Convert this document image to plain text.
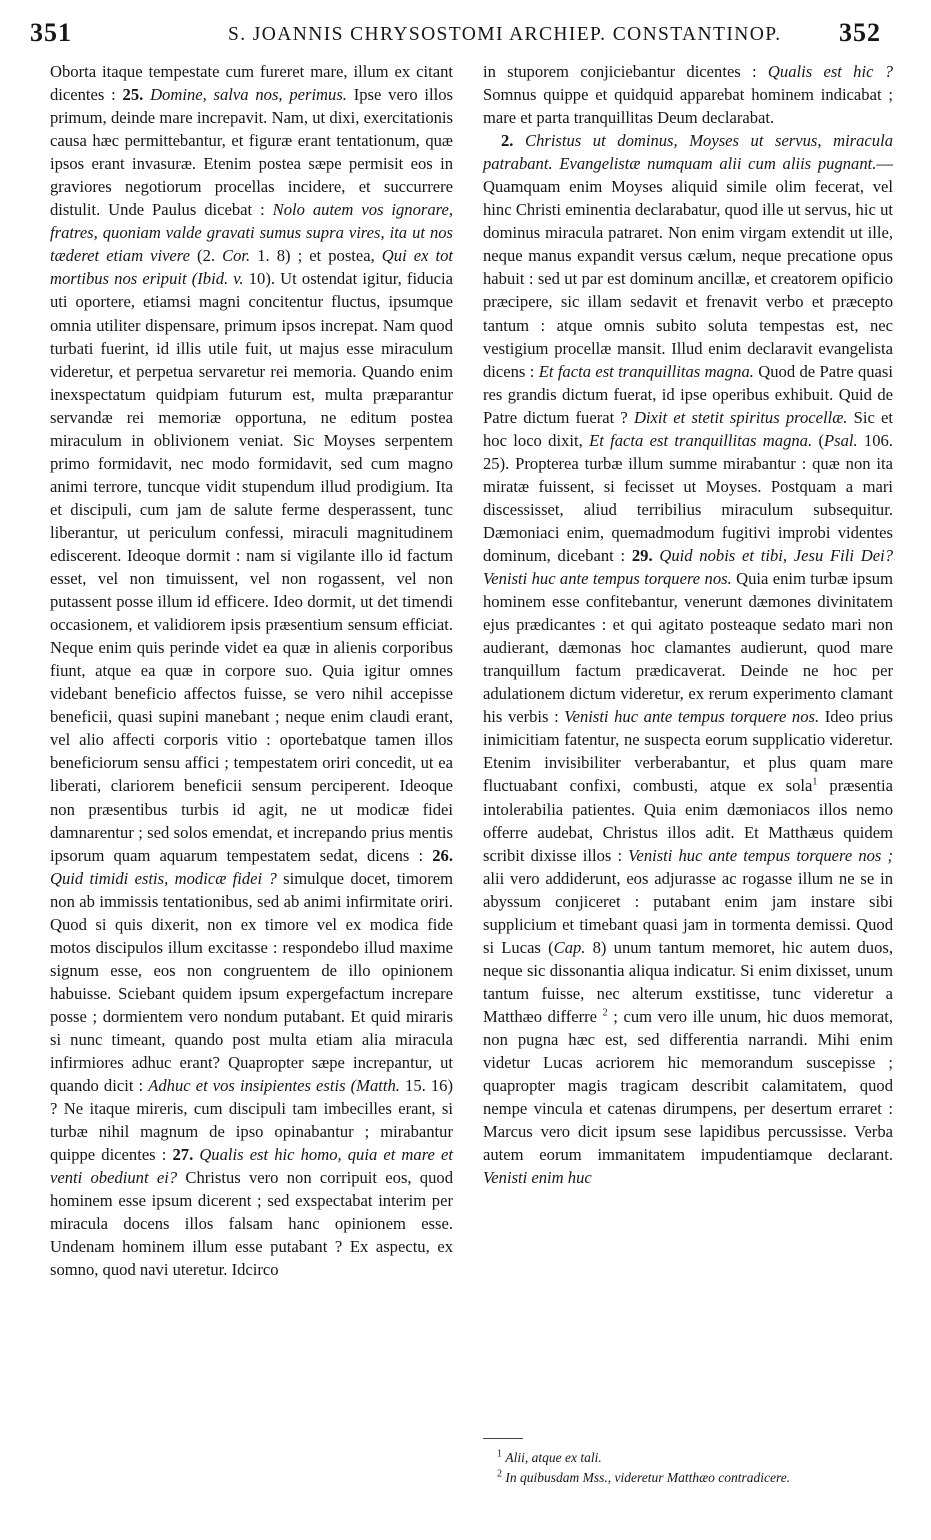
351	S. JOANNIS CHRYSOSTOMI ARCHIEP. CONSTANTINOP.	352

Oborta itaque tempestate cum fureret mare, illum ex citant dicentes : 25. Domine, salva nos, perimus. Ipse vero illos primum, deinde mare increpavit. Nam, ut dixi, exercitationis causa hæc permittebantur, et figuræ erant tentationum, quæ ipsos erant invasuræ. Etenim postea sæpe permisit eos in graviores negotiorum procellas incidere, et succurrere distulit. Unde Paulus dicebat : Nolo autem vos ignorare, fratres, quoniam valde gravati sumus supra vires, ita ut nos tæderet etiam vivere (2. Cor. 1. 8) ; et postea, Qui ex tot mortibus nos eripuit (Ibid. v. 10). Ut ostendat igitur, fiducia uti oportere, etiamsi magni concitentur fluctus, ipsumque omnia utiliter dispensare, primum ipsos increpat. Nam quod turbati fuerint, id illis utile fuit, ut majus esse miraculum videretur, et perpetua servaretur rei memoria. Quando enim inexspectatum quidpiam futurum est, multa præparantur servandæ rei memoriæ opportuna, ne editum postea miraculum in oblivionem veniat. Sic Moyses serpentem primo formidavit, nec modo formidavit, sed cum magno animi terrore, tuncque vidit stupendum illud prodigium. Ita et discipuli, cum jam de salute ferme desperassent, tunc liberantur, ut periculum confessi, miraculi magnitudinem ediscerent. Ideoque dormit : nam si vigilante illo id factum esset, vel non timuissent, vel non rogassent, vel non putassent posse illum id efficere. Ideo dormit, ut det timendi occasionem, et validiorem ipsis præsentium sensum efficiat. Neque enim quis perinde videt ea quæ in alienis corporibus fiunt, atque ea quæ in corpore suo. Quia igitur omnes videbant beneficio affectos fuisse, se vero nihil accepisse beneficii, quasi supini manebant ; neque enim claudi erant, vel alio affecti corporis vitio : oportebatque tamen illos beneficiorum sensu affici ; tempestatem oriri concedit, ut ea liberati, clariorem beneficii sensum perciperent. Ideoque non præsentibus turbis id agit, ne ut modicæ fidei damnarentur ; sed solos emendat, et increpando prius mentis ipsorum quam aquarum tempestatem sedat, dicens : 26. Quid timidi estis, modicæ fidei ? simulque docet, timorem non ab immissis tentationibus, sed ab animi infirmitate oriri. Quod si quis dixerit, non ex timore vel ex modica fide motos discipulos illum excitasse : respondebo illud maxime signum esse, eos non congruentem de illo opinionem habuisse. Sciebant quidem ipsum expergefactum increpare posse ; dormientem vero nondum putabant. Et quid miraris si nunc timeant, quando post multa etiam alia miracula infirmiores adhuc erant? Quapropter sæpe increpantur, ut quando dicit : Adhuc et vos insipientes estis (Matth. 15. 16) ? Ne itaque mireris, cum discipuli tam imbecilles erant, si turbæ nihil magnum de ipso opinabantur ; mirabantur quippe dicentes : 27. Qualis est hic homo, quia et mare et venti obediunt ei? Christus vero non corripuit eos, quod hominem esse ipsum dicerent ; sed exspectabat interim per miracula docens illos falsam hanc opinionem esse. Undenam hominem illum esse putabant ? Ex aspectu, ex somno, quod navi uteretur. Idcirco

in stuporem conjiciebantur dicentes : Qualis est hic ? Somnus quippe et quidquid apparebat hominem indicabat ; mare et parta tranquillitas Deum declarabat.

2. Christus ut dominus, Moyses ut servus, miracula patrabant. Evangelistæ numquam alii cum aliis pugnant.— Quamquam enim Moyses aliquid simile olim fecerat, vel hinc Christi eminentia declarabatur, quod ille ut servus, hic ut dominus miracula patraret. Non enim virgam extendit ut ille, neque manus expandit versus cælum, neque precatione opus habuit : sed ut par est dominum ancillæ, et creatorem opificio præcipere, sic illam sedavit et frenavit verbo et præcepto tantum : atque omnis subito soluta tempestas est, nec vestigium procellæ mansit. Illud enim declaravit evangelista dicens : Et facta est tranquillitas magna. Quod de Patre quasi res grandis dictum fuerat, id ipse operibus exhibuit. Quid de Patre dictum fuerat ? Dixit et stetit spiritus procellæ. Sic et hoc loco dixit, Et facta est tranquillitas magna. (Psal. 106. 25). Propterea turbæ illum summe mirabantur : quæ non ita miratæ fuissent, si fecisset ut Moyses. Postquam a mari discessisset, aliud terribilius miraculum subsequitur. Dæmoniaci enim, quemadmodum fugitivi improbi videntes dominum, dicebant : 29. Quid nobis et tibi, Jesu Fili Dei? Venisti huc ante tempus torquere nos. Quia enim turbæ ipsum hominem esse confitebantur, venerunt dæmones divinitatem ejus prædicantes : et qui agitato posteaque sedato mari non audierant, dæmonas hoc clamantes audierunt, quod mare tranquillum factum prædicaverat. Deinde ne hoc per adulationem dictum videretur, ex rerum experimento clamant his verbis : Venisti huc ante tempus torquere nos. Ideo prius inimicitiam fatentur, ne suspecta eorum supplicatio videretur. Etenim invisibiliter verberabantur, et plus quam mare fluctuabant confixi, combusti, atque ex sola$^1$ præsentia intolerabilia patientes. Quia enim dæmoniacos illos nemo offerre audebat, Christus illos adit. Et Matthæus quidem scribit dixisse illos : Venisti huc ante tempus torquere nos ; alii vero addiderunt, eos adjurasse ac rogasse illum ne se in abyssum conjiceret : putabant enim jam instare sibi supplicium et timebant quasi jam in tormenta demissi. Quod si Lucas (Cap. 8) unum tantum memoret, hic autem duos, neque sic dissonantia aliqua indicatur. Si enim dixisset, unum tantum fuisse, nec alterum exstitisse, tunc videretur a Matthæo differre $^2$ ; cum vero ille unum, hic duos memorat, non pugna hæc est, sed differentia narrandi. Mihi enim videtur Lucas acriorem hic memorandum suscepisse ; quapropter magis tragicam describit calamitatem, quod nempe vincula et catenas dirumpens, per desertum erraret : Marcus vero dicit ipsum sese lapidibus percussisse. Verba autem eorum immanitatem impudentiamque declarant. Venisti enim huc

$^1$ Alii, atque ex tali.

$^2$ In quibusdam Mss., videretur Matthæo contradicere.
